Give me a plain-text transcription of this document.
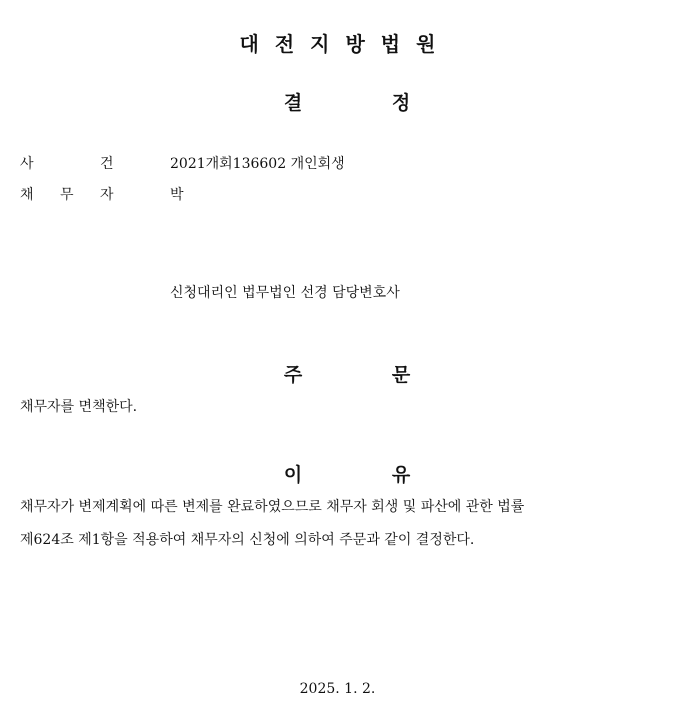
대전지방법원
결	정
사	건	2021개회136602 개인회생
채 무 자	박
신청대리인 법무법인 선경 담당변호사
주	문
채무자를 면책한다.
이	유
채무자가 변제계획에 따른 변제를 완료하였으므로 채무자 회생 및 파산에 관한 법률
제624조 제1항을 적용하여 채무자의 신청에 의하여 주문과 같이 결정한다.
2025. 1. 2.
